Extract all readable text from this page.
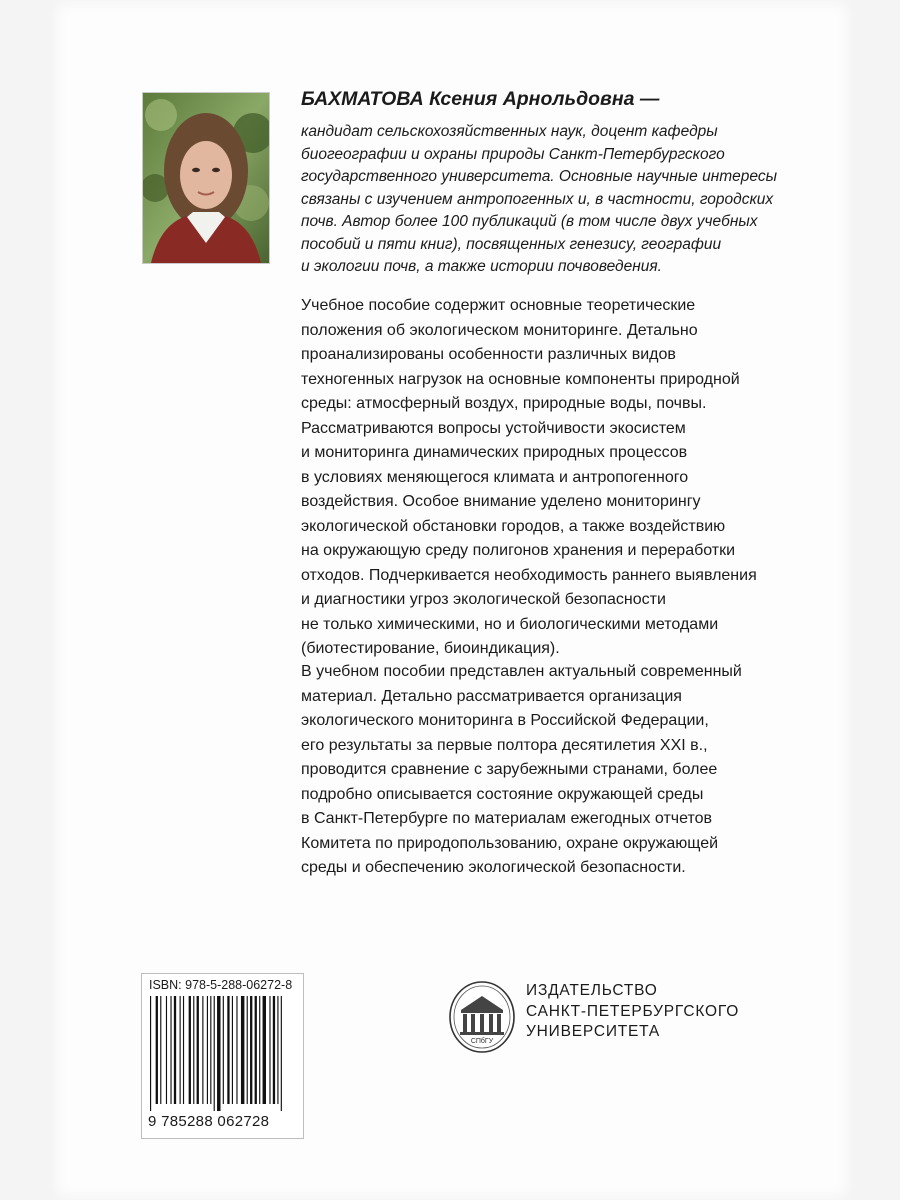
БАХМАТОВА Ксения Арнольдовна —

кандидат сельскохозяйственных наук, доцент кафедры
биогеографии и охраны природы Санкт-Петербургского
государственного университета. Основные научные интересы
связаны с изучением антропогенных и, в частности, городских
почв. Автор более 100 публикаций (в том числе двух учебных
пособий и пяти книг), посвященных генезису, географии
и экологии почв, а также истории почвоведения.

Учебное пособие содержит основные теоретические
положения об экологическом мониторинге. Детально
проанализированы особенности различных видов
техногенных нагрузок на основные компоненты природной
среды: атмосферный воздух, природные воды, почвы.
Рассматриваются вопросы устойчивости экосистем
и мониторинга динамических природных процессов
в условиях меняющегося климата и антропогенного
воздействия. Особое внимание уделено мониторингу
экологической обстановки городов, а также воздействию
на окружающую среду полигонов хранения и переработки
отходов. Подчеркивается необходимость раннего выявления
и диагностики угроз экологической безопасности
не только химическими, но и биологическими методами
(биотестирование, биоиндикация).

В учебном пособии представлен актуальный современный
материал. Детально рассматривается организация
экологического мониторинга в Российской Федерации,
его результаты за первые полтора десятилетия XXI в.,
проводится сравнение с зарубежными странами, более
подробно описывается состояние окружающей среды
в Санкт-Петербурге по материалам ежегодных отчетов
Комитета по природопользованию, охране окружающей
среды и обеспечению экологической безопасности.

ISBN: 978-5-288-06272-8

9 785288 062728

СПбГУ

ИЗДАТЕЛЬСТВО
САНКТ-ПЕТЕРБУРГСКОГО
УНИВЕРСИТЕТА
